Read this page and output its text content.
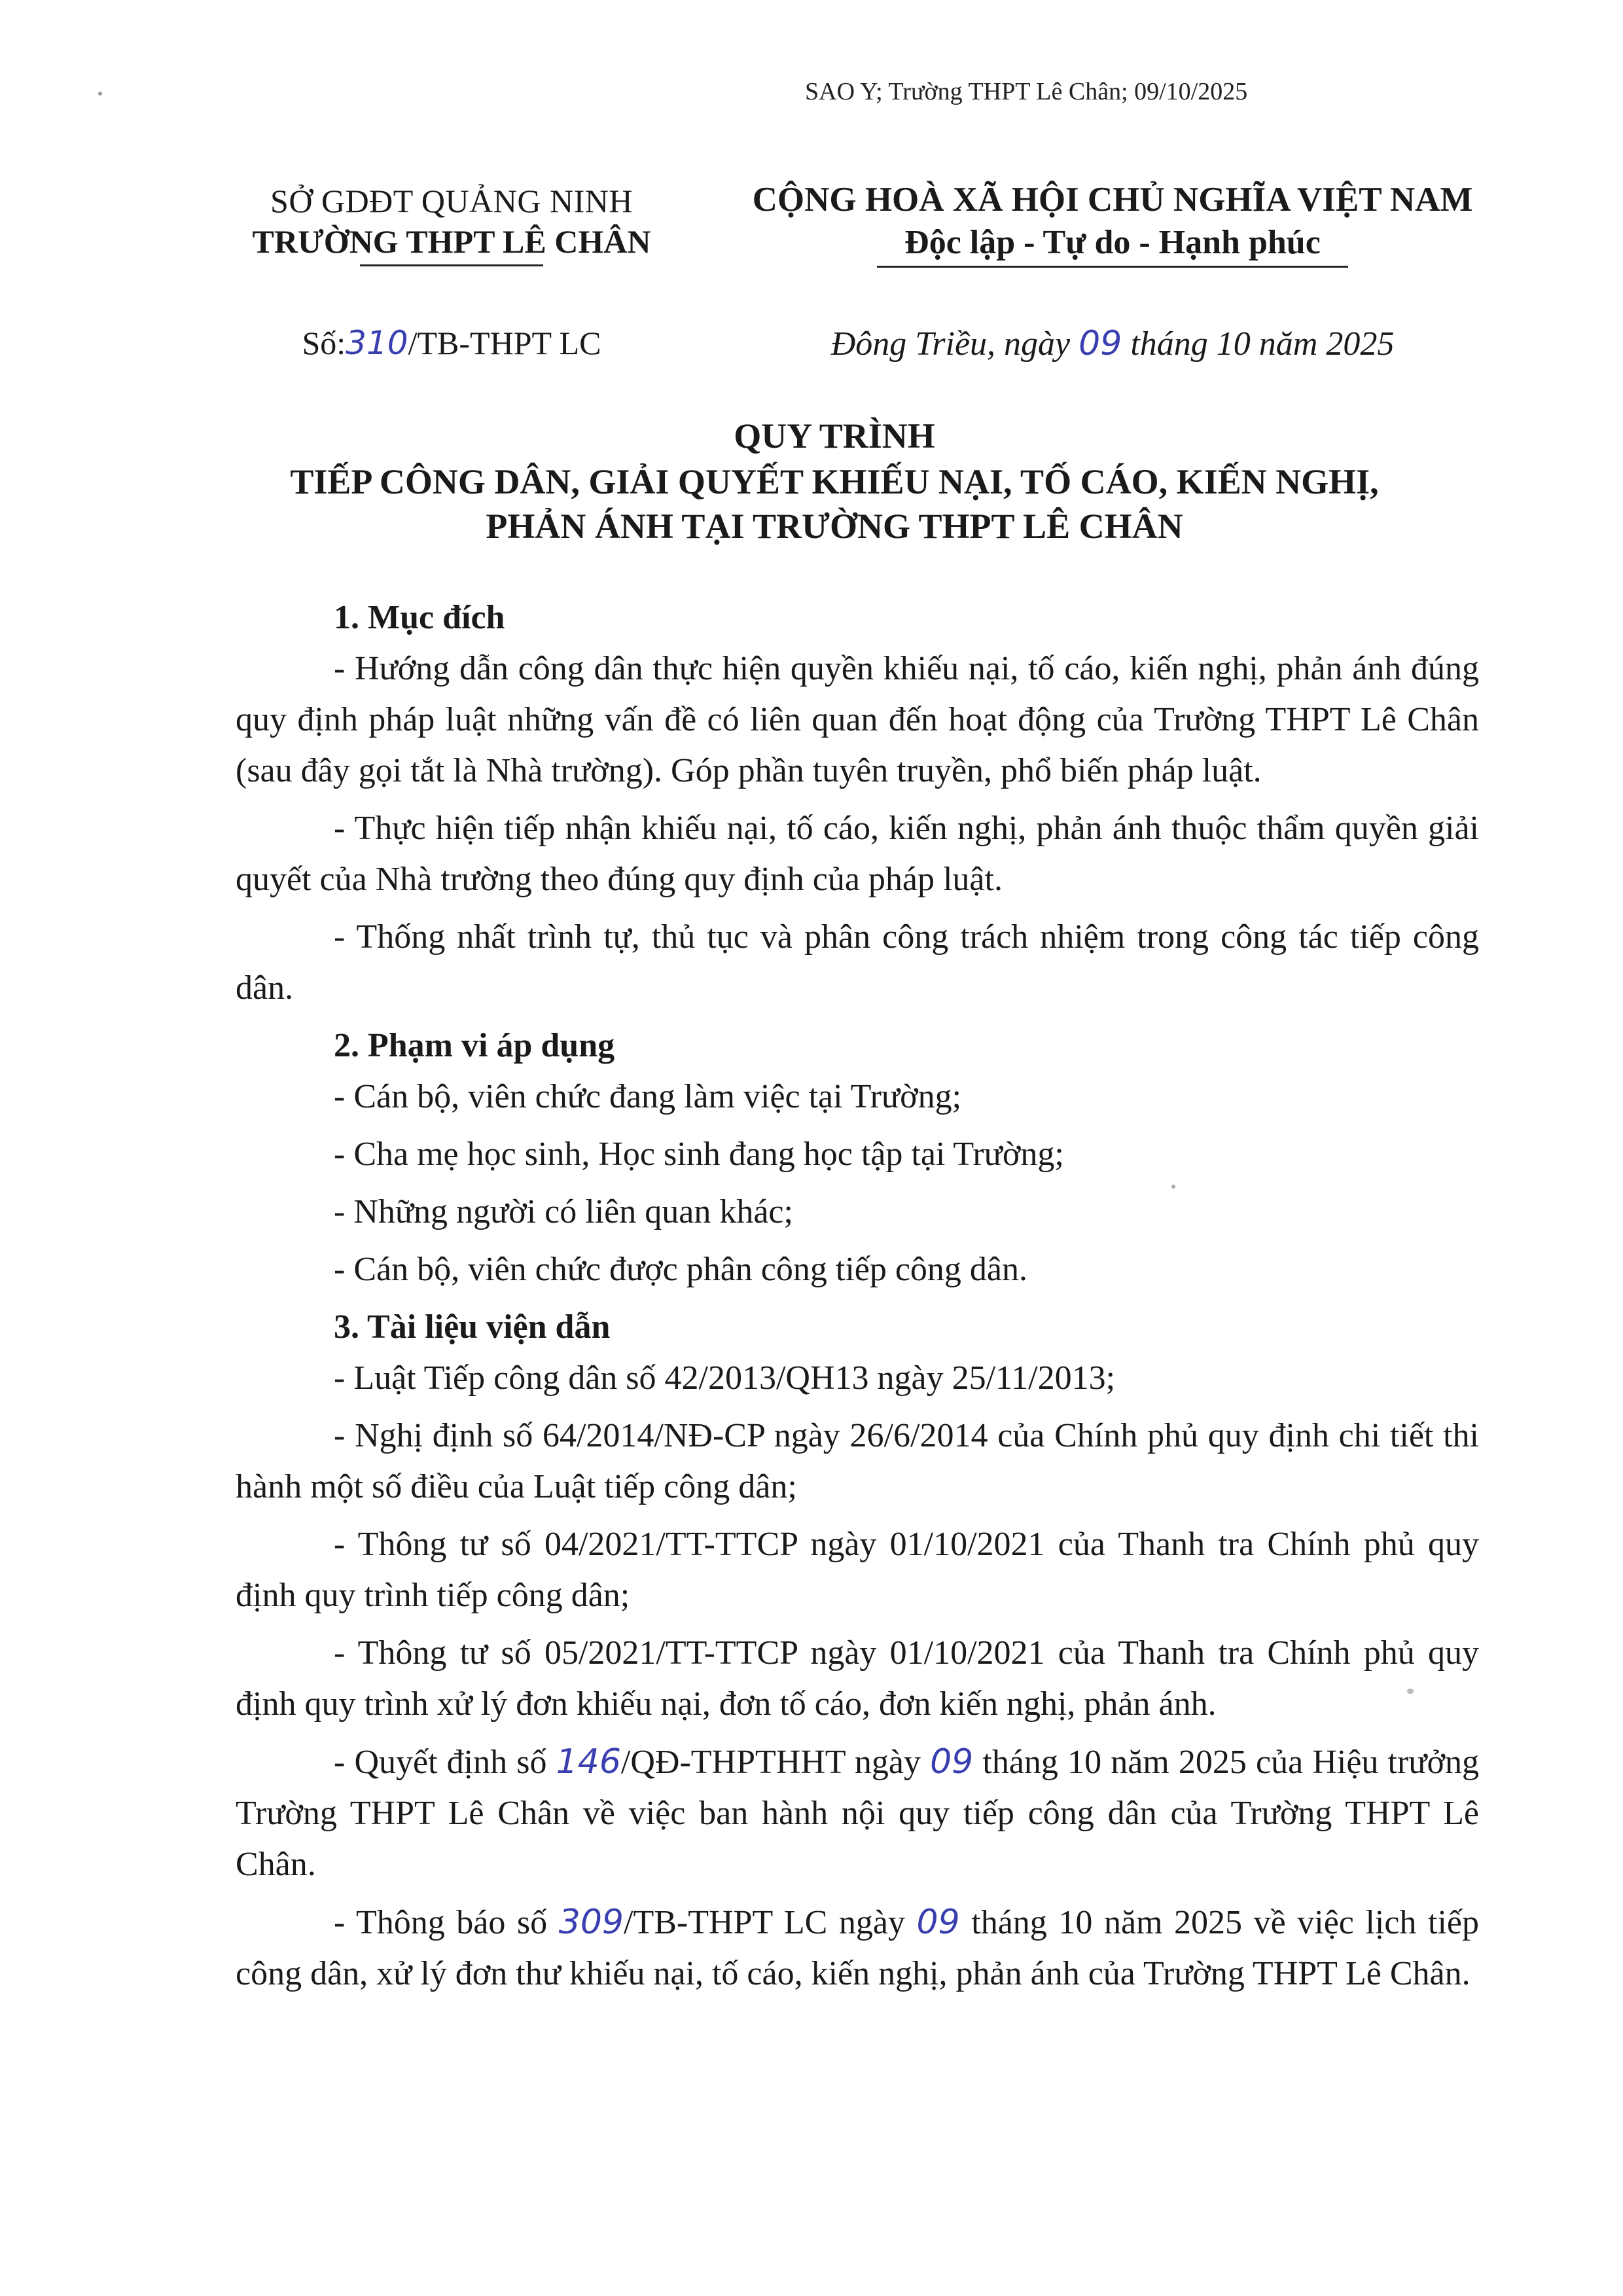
SAO Y; Trường THPT Lê Chân; 09/10/2025
SỞ GDĐT QUẢNG NINH
TRƯỜNG THPT LÊ CHÂN
CỘNG HOÀ XÃ HỘI CHỦ NGHĨA VIỆT NAM
Độc lập - Tự do - Hạnh phúc
Số:310/TB-THPT LC	Đông Triều, ngày 09 tháng 10 năm 2025
QUY TRÌNH
TIẾP CÔNG DÂN, GIẢI QUYẾT KHIẾU NẠI, TỐ CÁO, KIẾN NGHỊ,
PHẢN ÁNH TẠI TRƯỜNG THPT LÊ CHÂN
1. Mục đích

- Hướng dẫn công dân thực hiện quyền khiếu nại, tố cáo, kiến nghị, phản ánh đúng quy định pháp luật những vấn đề có liên quan đến hoạt động của Trường THPT Lê Chân (sau đây gọi tắt là Nhà trường). Góp phần tuyên truyền, phổ biến pháp luật.

- Thực hiện tiếp nhận khiếu nại, tố cáo, kiến nghị, phản ánh thuộc thẩm quyền giải quyết của Nhà trường theo đúng quy định của pháp luật.

- Thống nhất trình tự, thủ tục và phân công trách nhiệm trong công tác tiếp công dân.

2. Phạm vi áp dụng

- Cán bộ, viên chức đang làm việc tại Trường;

- Cha mẹ học sinh, Học sinh đang học tập tại Trường;

- Những người có liên quan khác;

- Cán bộ, viên chức được phân công tiếp công dân.

3. Tài liệu viện dẫn

- Luật Tiếp công dân số 42/2013/QH13 ngày 25/11/2013;

- Nghị định số 64/2014/NĐ-CP ngày 26/6/2014 của Chính phủ quy định chi tiết thi hành một số điều của Luật tiếp công dân;

- Thông tư số 04/2021/TT-TTCP ngày 01/10/2021 của Thanh tra Chính phủ quy định quy trình tiếp công dân;

- Thông tư số 05/2021/TT-TTCP ngày 01/10/2021 của Thanh tra Chính phủ quy định quy trình xử lý đơn khiếu nại, đơn tố cáo, đơn kiến nghị, phản ánh.

- Quyết định số 146/QĐ-THPTHHT ngày 09 tháng 10 năm 2025 của Hiệu trưởng Trường THPT Lê Chân về việc ban hành nội quy tiếp công dân của Trường THPT Lê Chân.

- Thông báo số 309/TB-THPT LC ngày 09 tháng 10 năm 2025 về việc lịch tiếp công dân, xử lý đơn thư khiếu nại, tố cáo, kiến nghị, phản ánh của Trường THPT Lê Chân.
